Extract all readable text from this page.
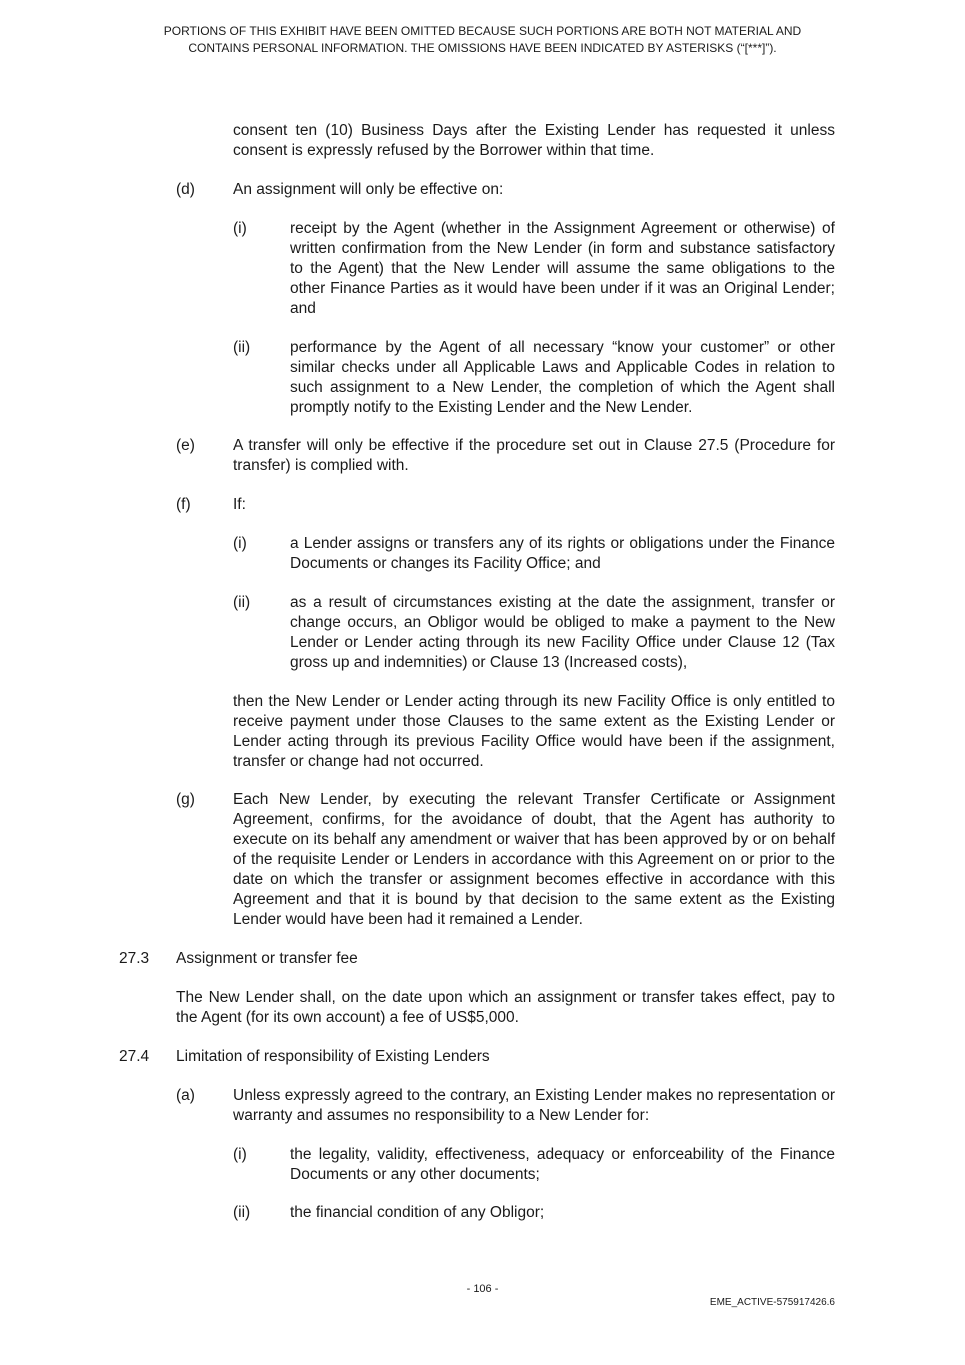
PORTIONS OF THIS EXHIBIT HAVE BEEN OMITTED BECAUSE SUCH PORTIONS ARE BOTH NOT MATERIAL AND
CONTAINS PERSONAL INFORMATION. THE OMISSIONS HAVE BEEN INDICATED BY ASTERISKS (“[***]”).
consent ten (10) Business Days after the Existing Lender has requested it unless consent is expressly refused by the Borrower within that time.
(d) An assignment will only be effective on:
(i)	receipt by the Agent (whether in the Assignment Agreement or otherwise) of written confirmation from the New Lender (in form and substance satisfactory to the Agent) that the New Lender will assume the same obligations to the other Finance Parties as it would have been under if it was an Original Lender; and
(ii)	performance by the Agent of all necessary “know your customer” or other similar checks under all Applicable Laws and Applicable Codes in relation to such assignment to a New Lender, the completion of which the Agent shall promptly notify to the Existing Lender and the New Lender.
(e) A transfer will only be effective if the procedure set out in Clause 27.5 (Procedure for transfer) is complied with.
(f)	If:
(i)	a Lender assigns or transfers any of its rights or obligations under the Finance Documents or changes its Facility Office; and
(ii)	as a result of circumstances existing at the date the assignment, transfer or change occurs, an Obligor would be obliged to make a payment to the New Lender or Lender acting through its new Facility Office under Clause 12 (Tax gross up and indemnities) or Clause 13 (Increased costs),
then the New Lender or Lender acting through its new Facility Office is only entitled to receive payment under those Clauses to the same extent as the Existing Lender or Lender acting through its previous Facility Office would have been if the assignment, transfer or change had not occurred.
(g) Each New Lender, by executing the relevant Transfer Certificate or Assignment Agreement, confirms, for the avoidance of doubt, that the Agent has authority to execute on its behalf any amendment or waiver that has been approved by or on behalf of the requisite Lender or Lenders in accordance with this Agreement on or prior to the date on which the transfer or assignment becomes effective in accordance with this Agreement and that it is bound by that decision to the same extent as the Existing Lender would have been had it remained a Lender.
27.3 Assignment or transfer fee
The New Lender shall, on the date upon which an assignment or transfer takes effect, pay to the Agent (for its own account) a fee of US$5,000.
27.4 Limitation of responsibility of Existing Lenders
(a) Unless expressly agreed to the contrary, an Existing Lender makes no representation or warranty and assumes no responsibility to a New Lender for:
(i)	the legality, validity, effectiveness, adequacy or enforceability of the Finance Documents or any other documents;
(ii)	the financial condition of any Obligor;
- 106 -
EME_ACTIVE-575917426.6
